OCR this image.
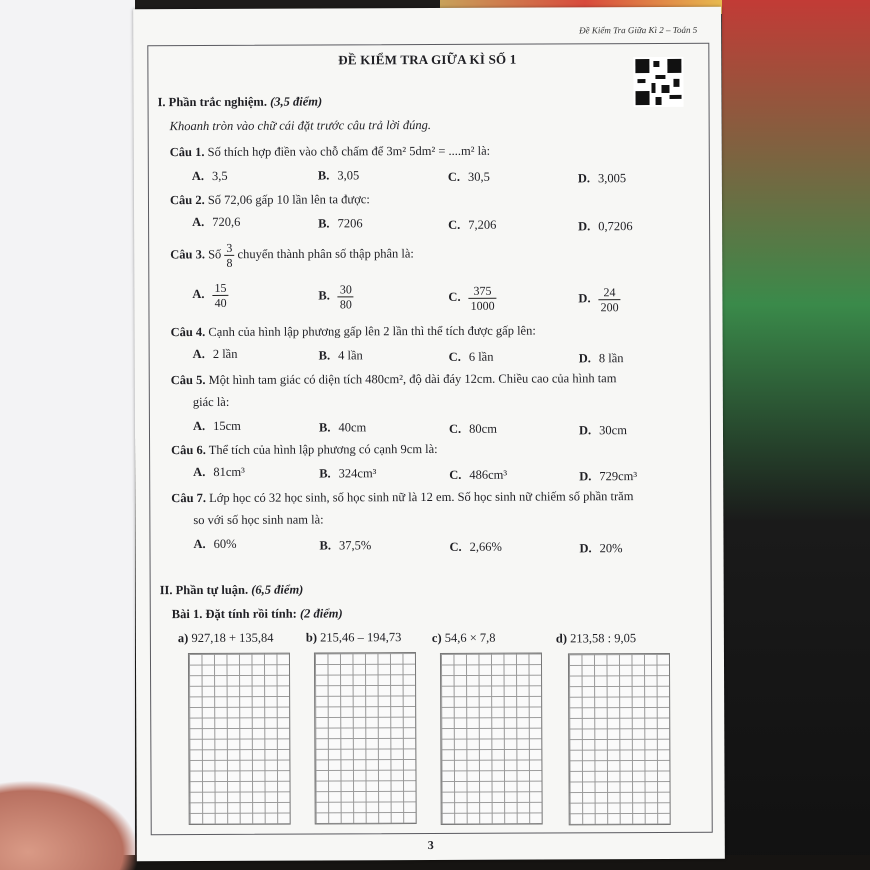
Đề Kiểm Tra Giữa Kì 2 – Toán 5
ĐỀ KIỂM TRA GIỮA KÌ SỐ 1
I. Phần trắc nghiệm. (3,5 điểm)
Khoanh tròn vào chữ cái đặt trước câu trả lời đúng.
Câu 1. Số thích hợp điền vào chỗ chấm để 3m² 5dm² = ....m² là:
A. 3,5	B. 3,05	C. 30,5	D. 3,005
Câu 2. Số 72,06 gấp 10 lần lên ta được:
A. 720,6	B. 7206	C. 7,206	D. 0,7206
Câu 3. Số $\frac{3}{8}$ chuyển thành phân số thập phân là:
A. $\frac{15}{40}$	B. $\frac{30}{80}$	C. $\frac{375}{1000}$	D. $\frac{24}{200}$
Câu 4. Cạnh của hình lập phương gấp lên 2 lần thì thể tích được gấp lên:
A. 2 lần	B. 4 lần	C. 6 lần	D. 8 lần
Câu 5. Một hình tam giác có diện tích 480cm², độ dài đáy 12cm. Chiều cao của hình tam
giác là:
A. 15cm	B. 40cm	C. 80cm	D. 30cm
Câu 6. Thể tích của hình lập phương có cạnh 9cm là:
A. 81cm³	B. 324cm³	C. 486cm³	D. 729cm³
Câu 7. Lớp học có 32 học sinh, số học sinh nữ là 12 em. Số học sinh nữ chiếm số phần trăm
so với số học sinh nam là:
A. 60%	B. 37,5%	C. 2,66%	D. 20%
II. Phần tự luận. (6,5 điểm)
Bài 1. Đặt tính rồi tính: (2 điểm)
a) 927,18 + 135,84	b) 215,46 – 194,73 c) 54,6 × 7,8	d) 213,58 : 9,05
3
